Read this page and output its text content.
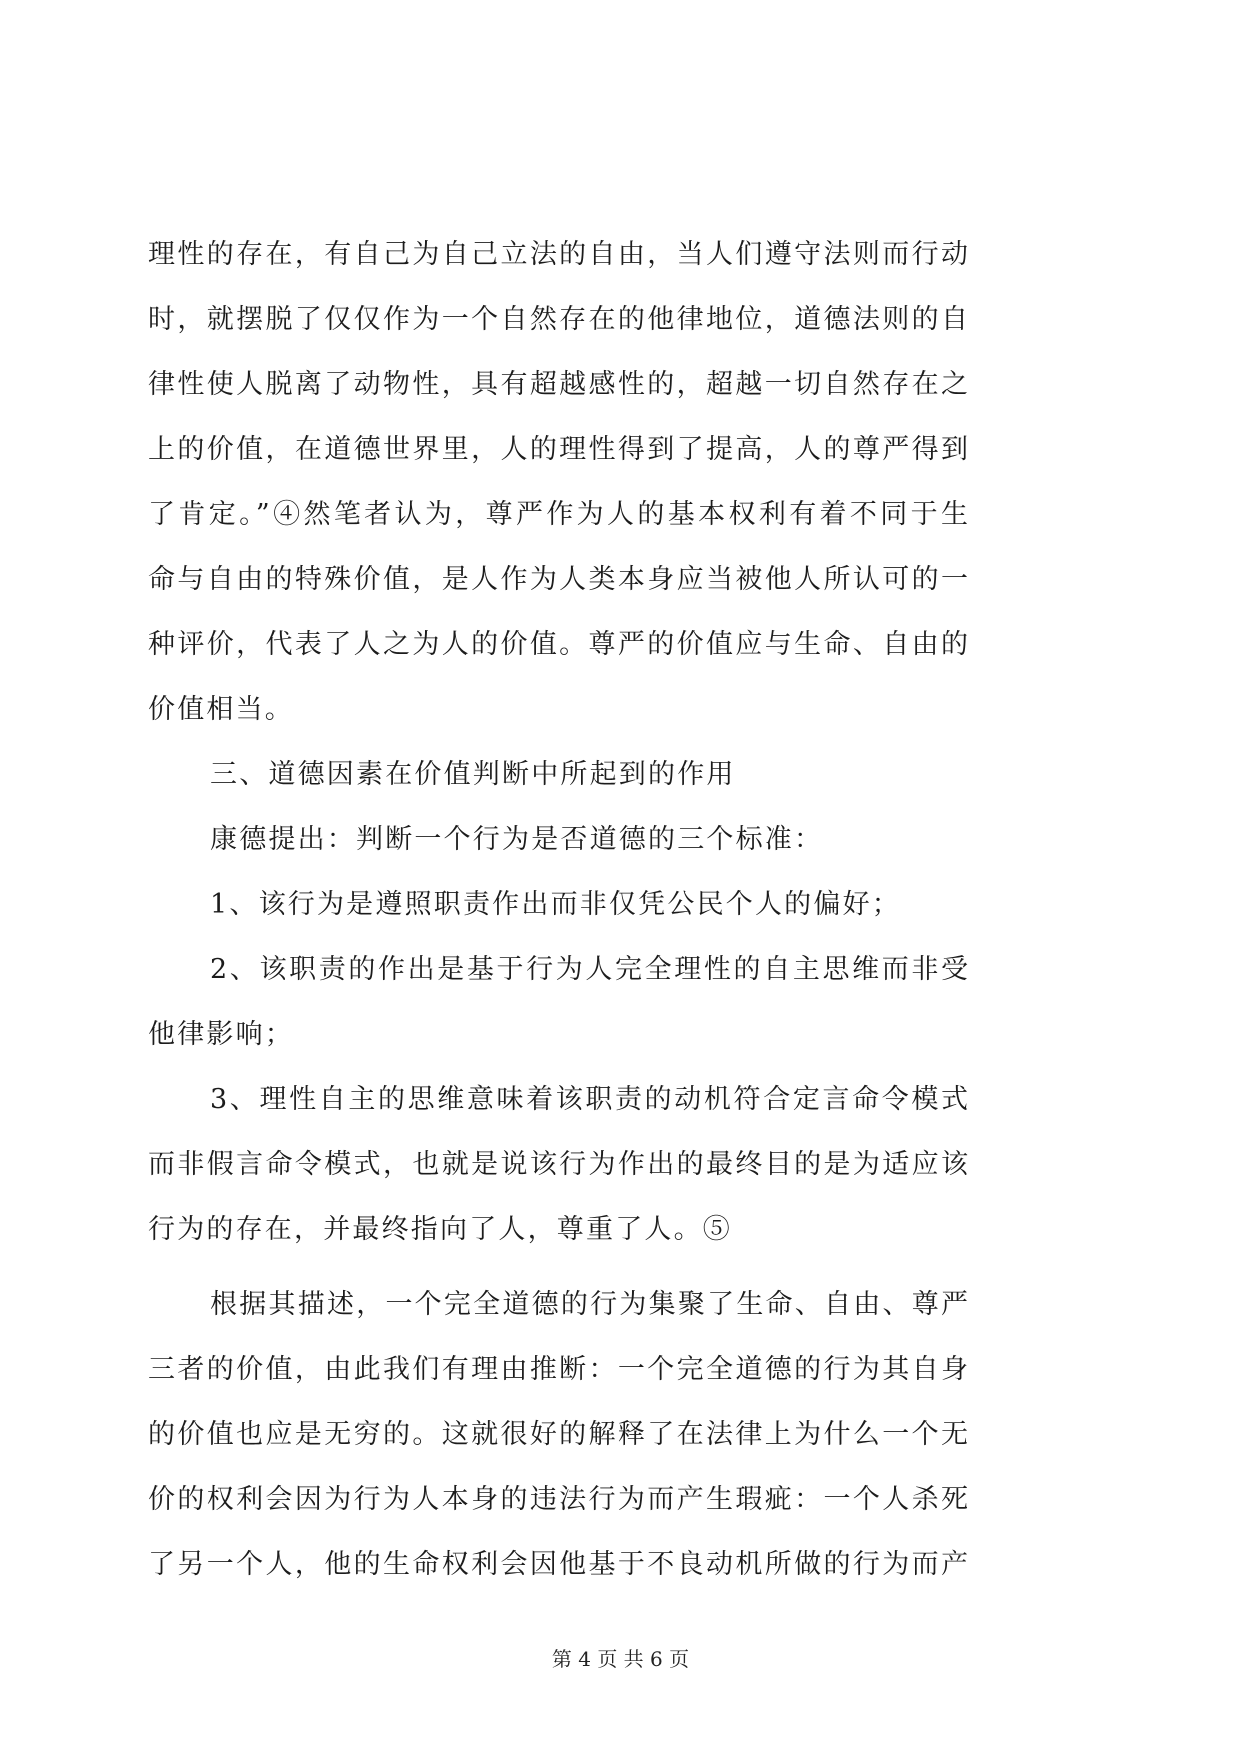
理性的存在，有自己为自己立法的自由，当人们遵守法则而行动
时，就摆脱了仅仅作为一个自然存在的他律地位，道德法则的自
律性使人脱离了动物性，具有超越感性的，超越一切自然存在之
上的价值，在道德世界里，人的理性得到了提高，人的尊严得到
了肯定。”④然笔者认为，尊严作为人的基本权利有着不同于生
命与自由的特殊价值，是人作为人类本身应当被他人所认可的一
种评价，代表了人之为人的价值。尊严的价值应与生命、自由的
价值相当。
三、道德因素在价值判断中所起到的作用
康德提出：判断一个行为是否道德的三个标准：
1、该行为是遵照职责作出而非仅凭公民个人的偏好；
2、该职责的作出是基于行为人完全理性的自主思维而非受
他律影响；
3、理性自主的思维意味着该职责的动机符合定言命令模式
而非假言命令模式，也就是说该行为作出的最终目的是为适应该
行为的存在，并最终指向了人，尊重了人。⑤
根据其描述，一个完全道德的行为集聚了生命、自由、尊严
三者的价值，由此我们有理由推断：一个完全道德的行为其自身
的价值也应是无穷的。这就很好的解释了在法律上为什么一个无
价的权利会因为行为人本身的违法行为而产生瑕疵：一个人杀死
了另一个人，他的生命权利会因他基于不良动机所做的行为而产
第 4 页 共 6 页
